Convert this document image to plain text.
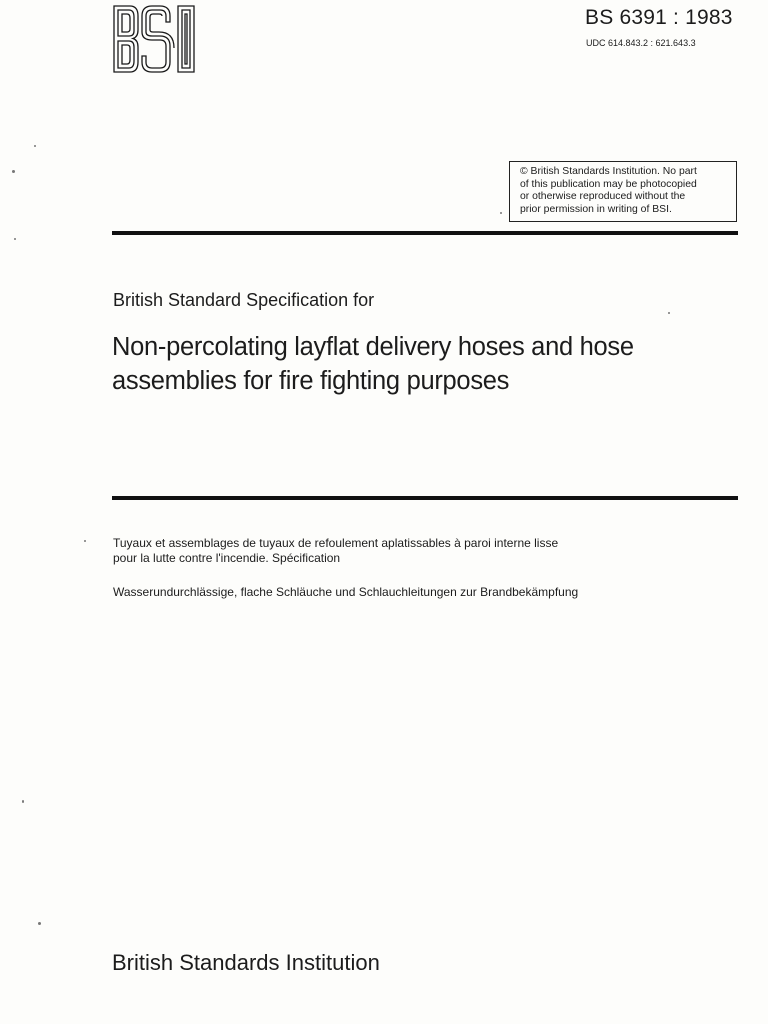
BS 6391 : 1983
UDC 614.843.2 : 621.643.3
© British Standards Institution. No part
of this publication may be photocopied
or otherwise reproduced without the
prior permission in writing of BSI.
British Standard Specification for
Non-percolating layflat delivery hoses and hose
assemblies for fire fighting purposes
Tuyaux et assemblages de tuyaux de refoulement aplatissables à paroi interne lisse
pour la lutte contre l'incendie. Spécification
Wasserundurchlässige, flache Schläuche und Schlauchleitungen zur Brandbekämpfung
British Standards Institution
